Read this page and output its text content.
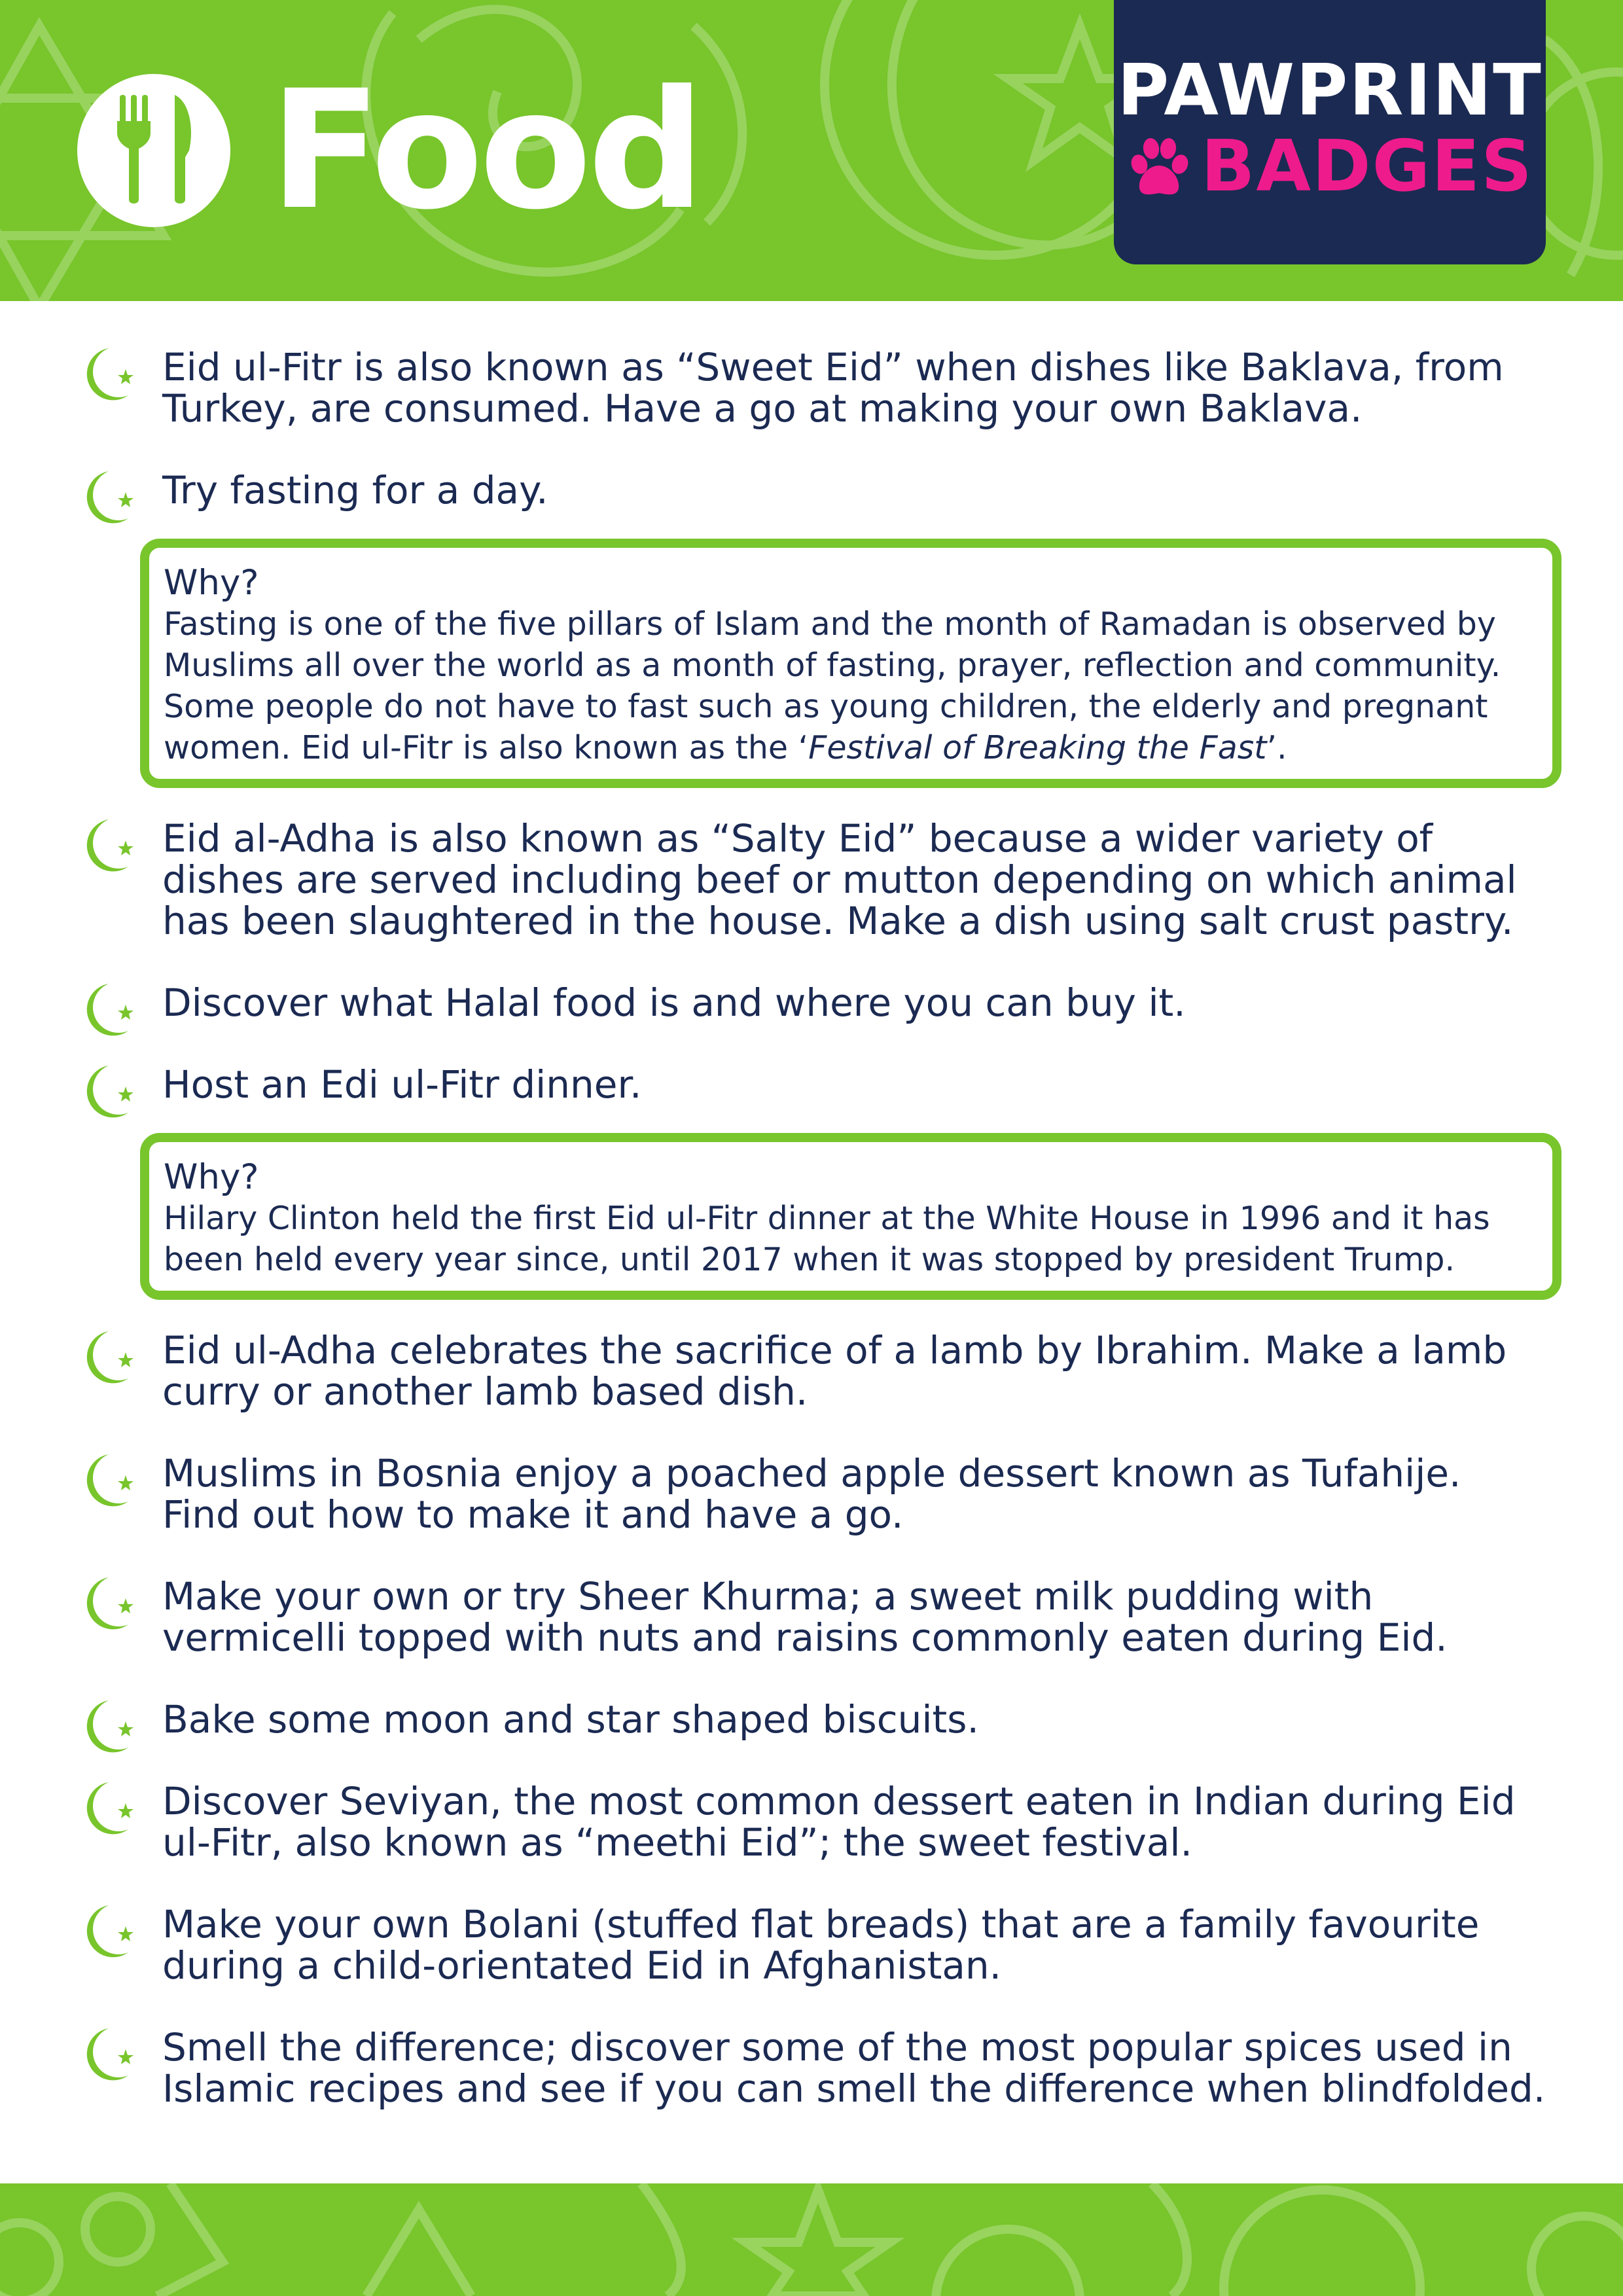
Food	PAWPRINT
BADGES
Eid ul-Fitr is also known as “Sweet Eid” when dishes like Baklava, from Turkey, are consumed. Have a go at making your own Baklava.
Try fasting for a day.
Why?
Fasting is one of the five pillars of Islam and the month of Ramadan is observed by Muslims all over the world as a month of fasting, prayer, reflection and community. Some people do not have to fast such as young children, the elderly and pregnant women. Eid ul-Fitr is also known as the ‘Festival of Breaking the Fast’.
Eid al-Adha is also known as “Salty Eid” because a wider variety of dishes are served including beef or mutton depending on which animal has been slaughtered in the house. Make a dish using salt crust pastry.
Discover what Halal food is and where you can buy it.
Host an Edi ul-Fitr dinner.
Why?
Hilary Clinton held the first Eid ul-Fitr dinner at the White House in 1996 and it has been held every year since, until 2017 when it was stopped by president Trump.
Eid ul-Adha celebrates the sacrifice of a lamb by Ibrahim. Make a lamb curry or another lamb based dish.
Muslims in Bosnia enjoy a poached apple dessert known as Tufahije. Find out how to make it and have a go.
Make your own or try Sheer Khurma; a sweet milk pudding with vermicelli topped with nuts and raisins commonly eaten during Eid.
Bake some moon and star shaped biscuits.
Discover Seviyan, the most common dessert eaten in Indian during Eid ul-Fitr, also known as “meethi Eid”; the sweet festival.
Make your own Bolani (stuffed flat breads) that are a family favourite during a child-orientated Eid in Afghanistan.
Smell the difference; discover some of the most popular spices used in Islamic recipes and see if you can smell the difference when blindfolded.
